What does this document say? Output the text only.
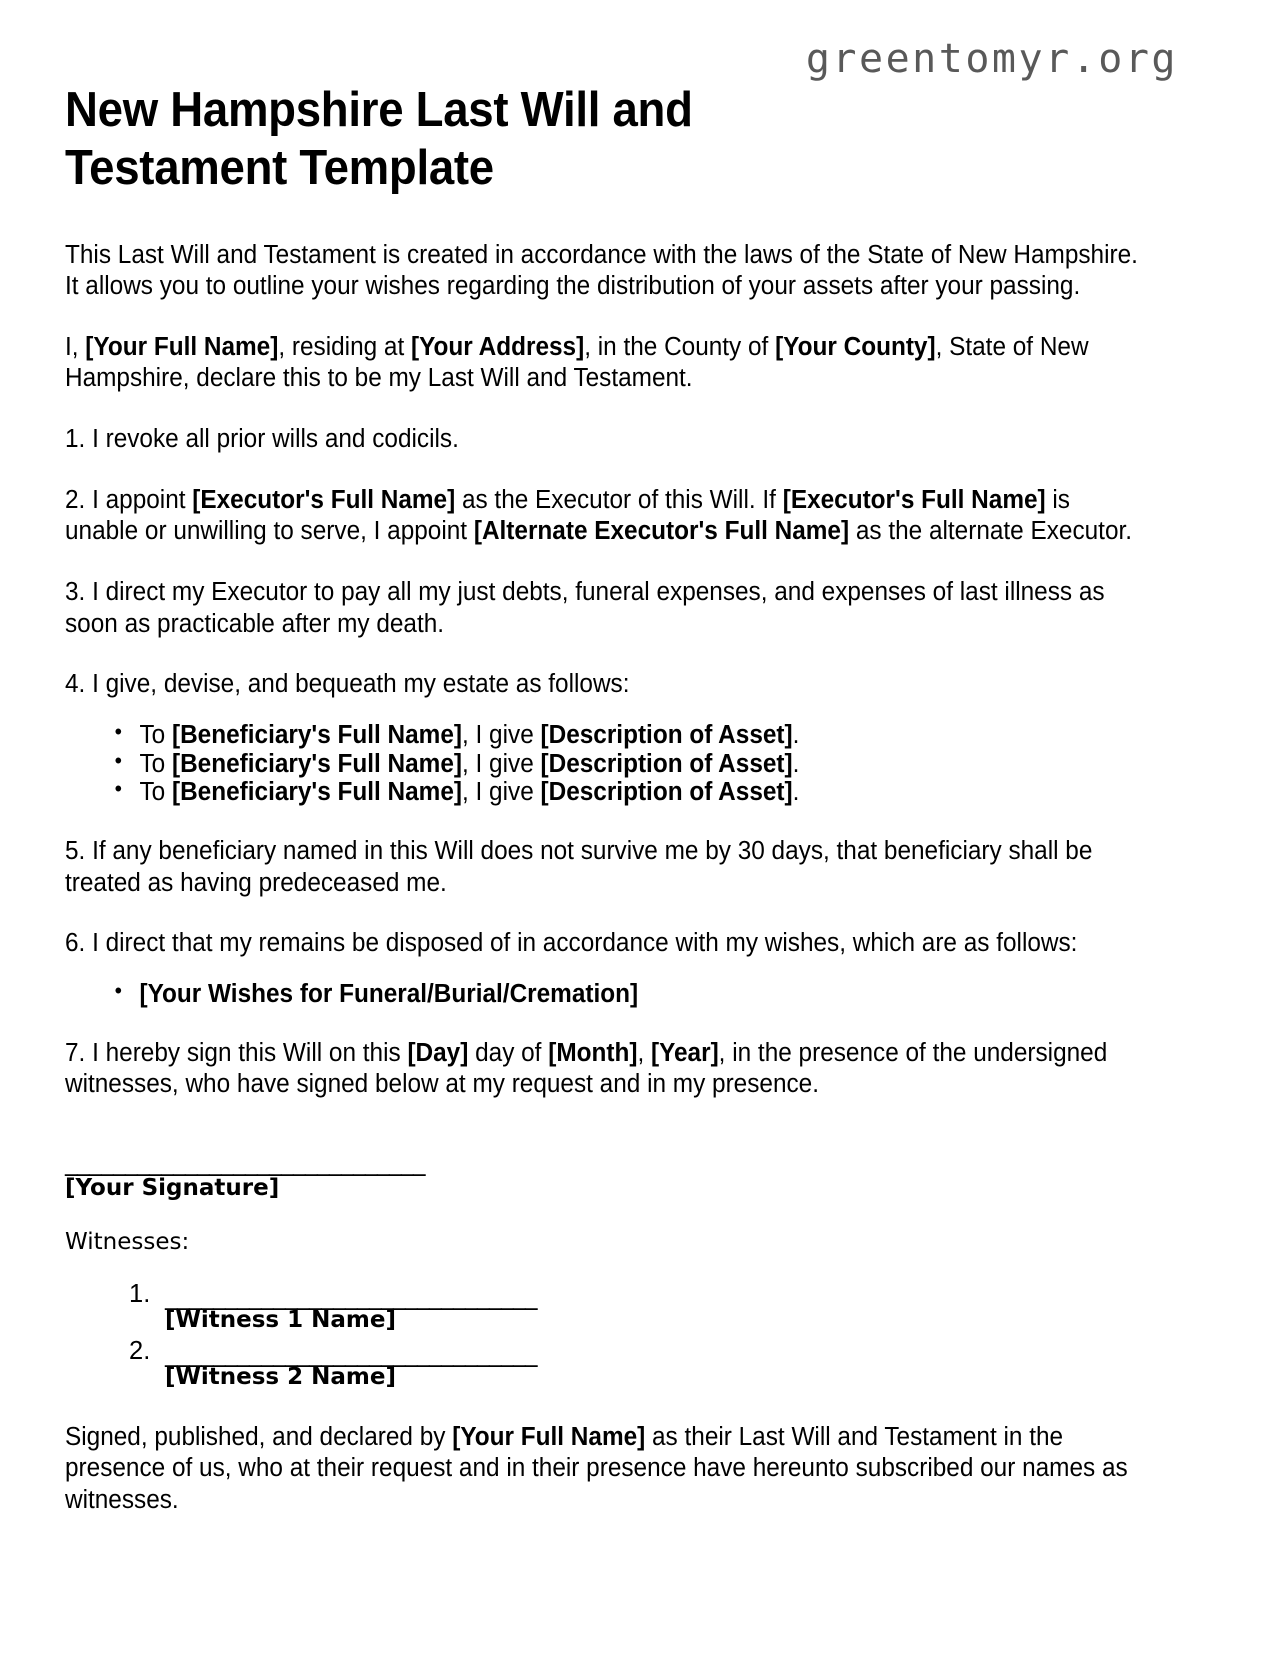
greentomyr.org
New Hampshire Last Will and Testament Template

This Last Will and Testament is created in accordance with the laws of the State of New Hampshire. It allows you to outline your wishes regarding the distribution of your assets after your passing.

I, [Your Full Name], residing at [Your Address], in the County of [Your County], State of New Hampshire, declare this to be my Last Will and Testament.

1. I revoke all prior wills and codicils.

2. I appoint [Executor's Full Name] as the Executor of this Will. If [Executor's Full Name] is unable or unwilling to serve, I appoint [Alternate Executor's Full Name] as the alternate Executor.

3. I direct my Executor to pay all my just debts, funeral expenses, and expenses of last illness as soon as practicable after my death.

4. I give, devise, and bequeath my estate as follows:

• To [Beneficiary's Full Name], I give [Description of Asset].
• To [Beneficiary's Full Name], I give [Description of Asset].
• To [Beneficiary's Full Name], I give [Description of Asset].

5. If any beneficiary named in this Will does not survive me by 30 days, that beneficiary shall be treated as having predeceased me.

6. I direct that my remains be disposed of in accordance with my wishes, which are as follows:

• [Your Wishes for Funeral/Burial/Cremation]

7. I hereby sign this Will on this [Day] day of [Month], [Year], in the presence of the undersigned witnesses, who have signed below at my request and in my presence.

______________________________
[Your Signature]
Witnesses:
_______________________________
[Witness 1 Name]
_______________________________
[Witness 2 Name]

Signed, published, and declared by [Your Full Name] as their Last Will and Testament in the presence of us, who at their request and in their presence have hereunto subscribed our names as witnesses.
